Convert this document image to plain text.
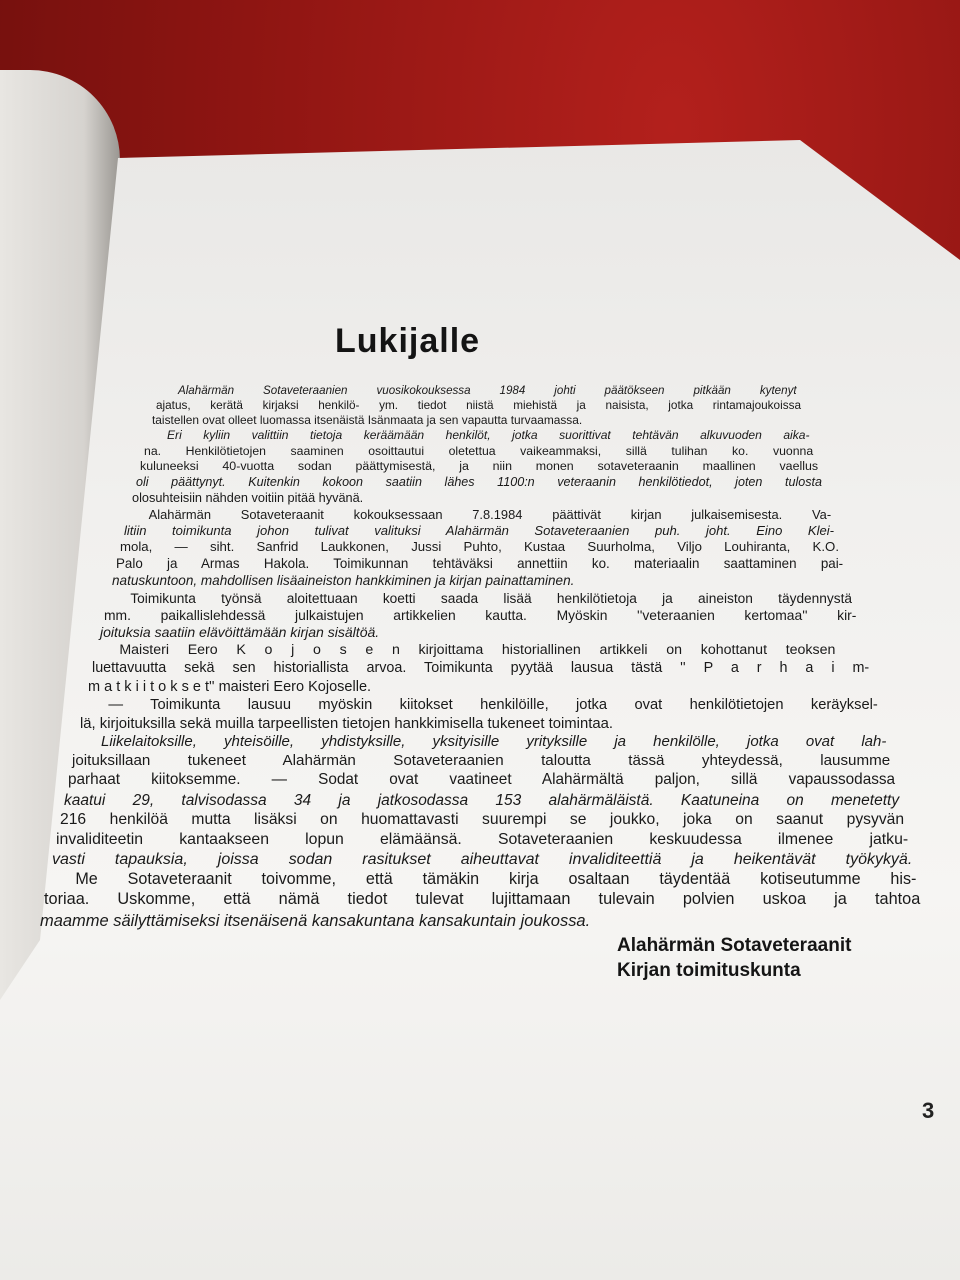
Lukijalle
Alahärmän Sotaveteraanien vuosikokouksessa 1984 johti päätökseen pitkään kytenyt
ajatus, kerätä kirjaksi henkilö- ym. tiedot niistä miehistä ja naisista, jotka rintamajoukoissa
taistellen ovat olleet luomassa itsenäistä Isänmaata ja sen vapautta turvaamassa.
Eri kyliin valittiin tietoja keräämään henkilöt, jotka suorittivat tehtävän alkuvuoden aika-
na. Henkilötietojen saaminen osoittautui oletettua vaikeammaksi, sillä tulihan ko. vuonna
kuluneeksi 40-vuotta sodan päättymisestä, ja niin monen sotaveteraanin maallinen vaellus
oli päättynyt. Kuitenkin kokoon saatiin lähes 1100:n veteraanin henkilötiedot, joten tulosta
olosuhteisiin nähden voitiin pitää hyvänä.
Alahärmän Sotaveteraanit kokouksessaan 7.8.1984 päättivät kirjan julkaisemisesta. Va-
litiin toimikunta johon tulivat valituksi Alahärmän Sotaveteraanien puh. joht. Eino Klei-
mola, — siht. Sanfrid Laukkonen, Jussi Puhto, Kustaa Suurholma, Viljo Louhiranta, K.O.
Palo ja Armas Hakola. Toimikunnan tehtäväksi annettiin ko. materiaalin saattaminen pai-
natuskuntoon, mahdollisen lisäaineiston hankkiminen ja kirjan painattaminen.
Toimikunta työnsä aloitettuaan koetti saada lisää henkilötietoja ja aineiston täydennystä
mm. paikallislehdessä julkaistujen artikkelien kautta. Myöskin ''veteraanien kertomaa'' kir-
joituksia saatiin elävöittämään kirjan sisältöä.
Maisteri Eero K o j o s e n kirjoittama historiallinen artikkeli on kohottanut teoksen
luettavuutta sekä sen historiallista arvoa. Toimikunta pyytää lausua tästä '' P a r h a i m-
m a t k i i t o k s e t'' maisteri Eero Kojoselle.
— Toimikunta lausuu myöskin kiitokset henkilöille, jotka ovat henkilötietojen keräyksel-
lä, kirjoituksilla sekä muilla tarpeellisten tietojen hankkimisella tukeneet toimintaa.
Liikelaitoksille, yhteisöille, yhdistyksille, yksityisille yrityksille ja henkilölle, jotka ovat lah-
joituksillaan tukeneet Alahärmän Sotaveteraanien taloutta tässä yhteydessä, lausumme
parhaat kiitoksemme. — Sodat ovat vaatineet Alahärmältä paljon, sillä vapaussodassa
kaatui 29, talvisodassa 34 ja jatkosodassa 153 alahärmäläistä. Kaatuneina on menetetty
216 henkilöä mutta lisäksi on huomattavasti suurempi se joukko, joka on saanut pysyvän
invaliditeetin kantaakseen lopun elämäänsä. Sotaveteraanien keskuudessa ilmenee jatku-
vasti tapauksia, joissa sodan rasitukset aiheuttavat invaliditeettiä ja heikentävät työkykyä.
Me Sotaveteraanit toivomme, että tämäkin kirja osaltaan täydentää kotiseutumme his-
toriaa. Uskomme, että nämä tiedot tulevat lujittamaan tulevain polvien uskoa ja tahtoa
maamme säilyttämiseksi itsenäisenä kansakuntana kansakuntain joukossa.
Alahärmän Sotaveteraanit
Kirjan toimituskunta
3
